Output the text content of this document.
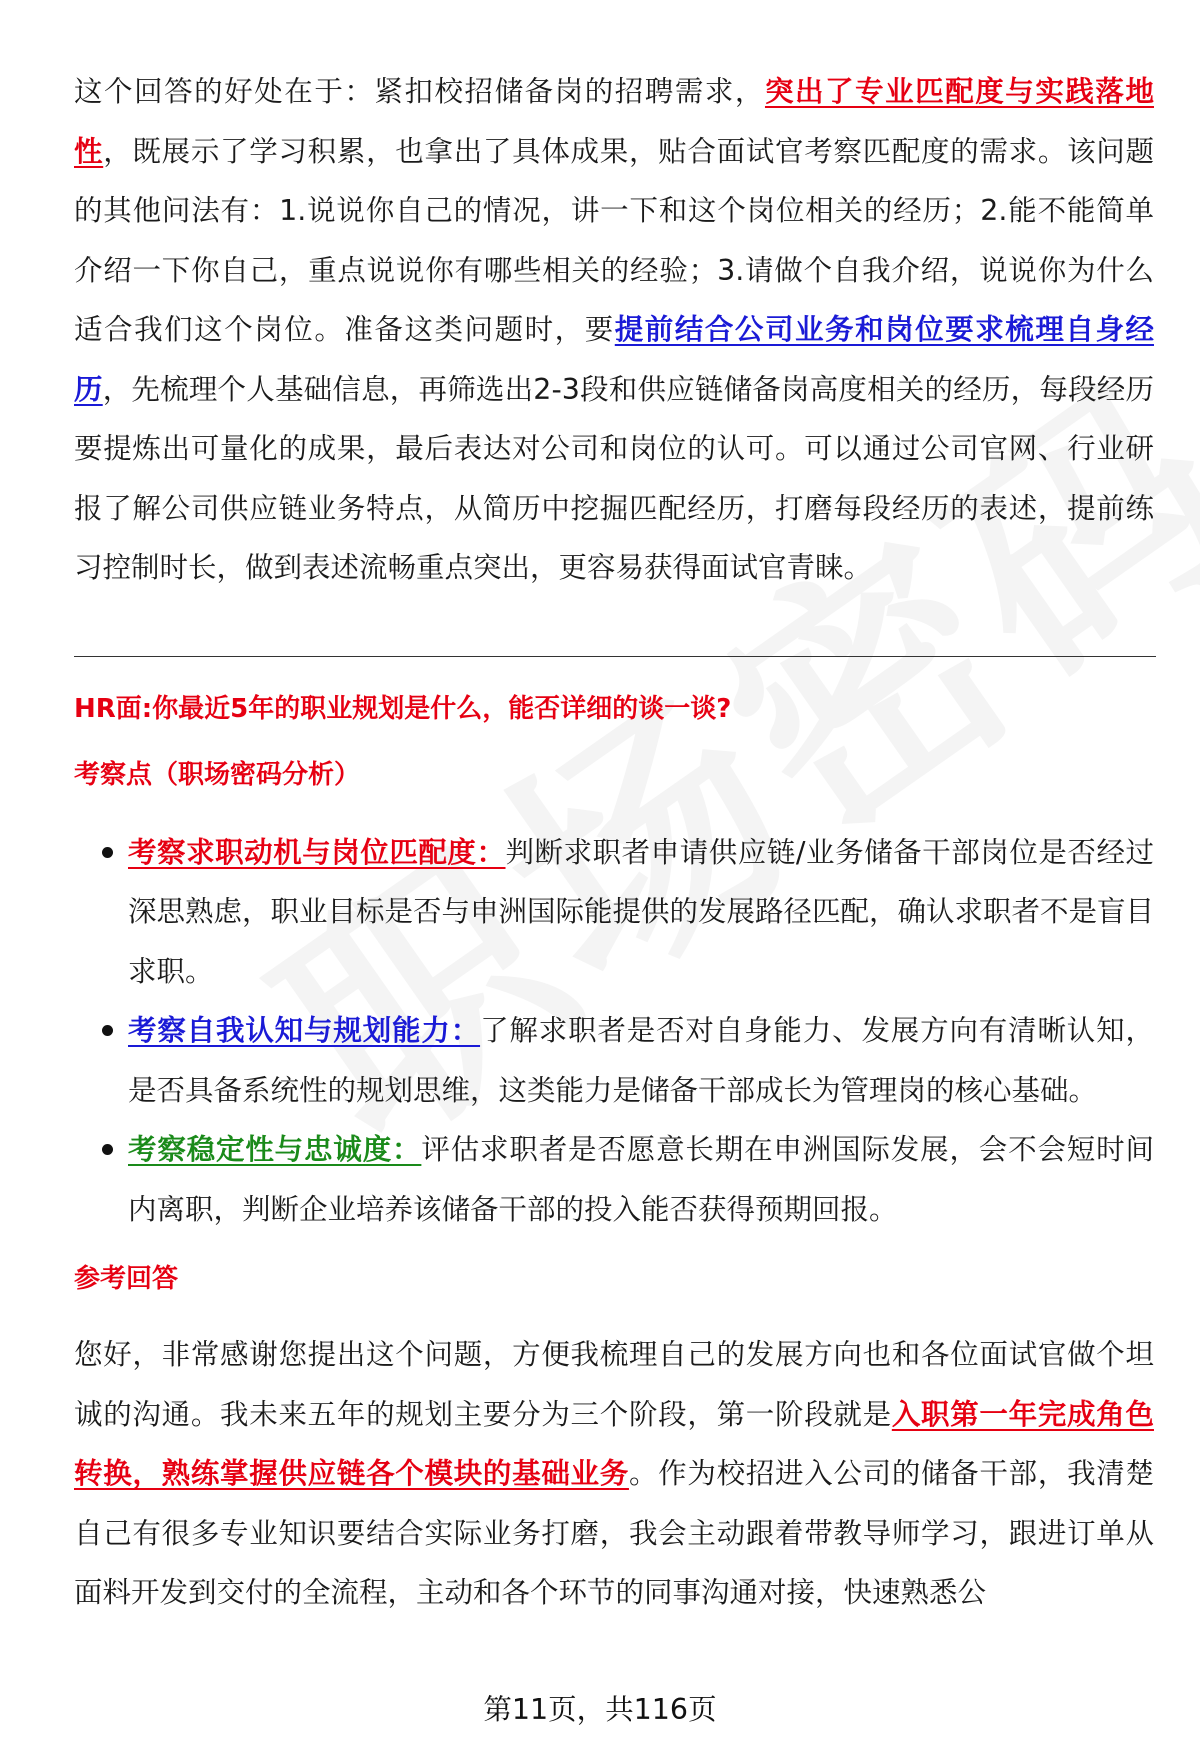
这个回答的好处在于：紧扣校招储备岗的招聘需求，突出了专业匹配度与实践落地性，既展示了学习积累，也拿出了具体成果，贴合面试官考察匹配度的需求。该问题的其他问法有：1.说说你自己的情况，讲一下和这个岗位相关的经历；2.能不能简单介绍一下你自己，重点说说你有哪些相关的经验；3.请做个自我介绍，说说你为什么适合我们这个岗位。准备这类问题时，要提前结合公司业务和岗位要求梳理自身经历，先梳理个人基础信息，再筛选出2-3段和供应链储备岗高度相关的经历，每段经历要提炼出可量化的成果，最后表达对公司和岗位的认可。可以通过公司官网、行业研报了解公司供应链业务特点，从简历中挖掘匹配经历，打磨每段经历的表述，提前练习控制时长，做到表述流畅重点突出，更容易获得面试官青睐。

HR面:你最近5年的职业规划是什么，能否详细的谈一谈?
考察点（职场密码分析）
考察求职动机与岗位匹配度：判断求职者申请供应链/业务储备干部岗位是否经过深思熟虑，职业目标是否与申洲国际能提供的发展路径匹配，确认求职者不是盲目求职。
考察自我认知与规划能力：了解求职者是否对自身能力、发展方向有清晰认知，是否具备系统性的规划思维，这类能力是储备干部成长为管理岗的核心基础。
考察稳定性与忠诚度：评估求职者是否愿意长期在申洲国际发展，会不会短时间内离职，判断企业培养该储备干部的投入能否获得预期回报。
参考回答

您好，非常感谢您提出这个问题，方便我梳理自己的发展方向也和各位面试官做个坦诚的沟通。我未来五年的规划主要分为三个阶段，第一阶段就是入职第一年完成角色转换，熟练掌握供应链各个模块的基础业务。作为校招进入公司的储备干部，我清楚自己有很多专业知识要结合实际业务打磨，我会主动跟着带教导师学习，跟进订单从面料开发到交付的全流程，主动和各个环节的同事沟通对接，快速熟悉公

第11页，共116页
